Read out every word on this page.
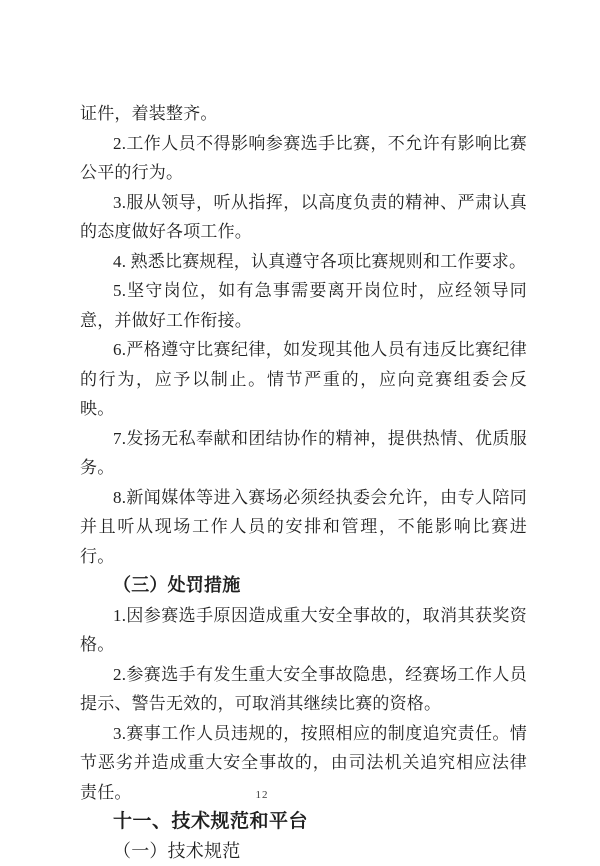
证件，着装整齐。

2.工作人员不得影响参赛选手比赛，不允许有影响比赛公平的行为。

3.服从领导，听从指挥，以高度负责的精神、严肃认真的态度做好各项工作。

4. 熟悉比赛规程，认真遵守各项比赛规则和工作要求。

5.坚守岗位，如有急事需要离开岗位时，应经领导同意，并做好工作衔接。

6.严格遵守比赛纪律，如发现其他人员有违反比赛纪律的行为，应予以制止。情节严重的，应向竞赛组委会反映。

7.发扬无私奉献和团结协作的精神，提供热情、优质服务。

8.新闻媒体等进入赛场必须经执委会允许，由专人陪同并且听从现场工作人员的安排和管理，不能影响比赛进行。

（三）处罚措施

1.因参赛选手原因造成重大安全事故的，取消其获奖资格。

2.参赛选手有发生重大安全事故隐患，经赛场工作人员提示、警告无效的，可取消其继续比赛的资格。

3.赛事工作人员违规的，按照相应的制度追究责任。情节恶劣并造成重大安全事故的，由司法机关追究相应法律责任。

十一、技术规范和平台

（一）技术规范

12
